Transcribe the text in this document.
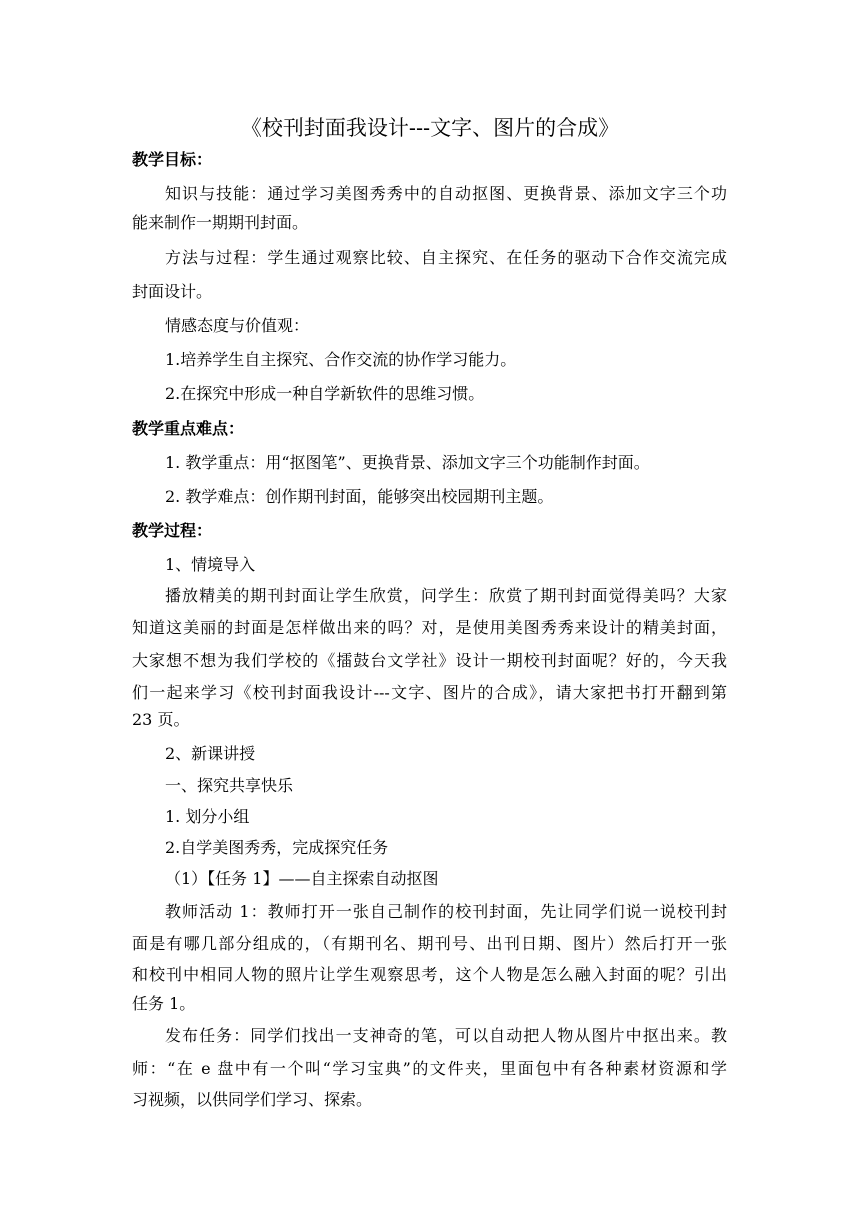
《校刊封面我设计---文字、图片的合成》
教学目标：
知识与技能：通过学习美图秀秀中的自动抠图、更换背景、添加文字三个功
能来制作一期期刊封面。
方法与过程：学生通过观察比较、自主探究、在任务的驱动下合作交流完成
封面设计。
情感态度与价值观：
1.培养学生自主探究、合作交流的协作学习能力。
2.在探究中形成一种自学新软件的思维习惯。
教学重点难点：
1. 教学重点：用“抠图笔”、更换背景、添加文字三个功能制作封面。
2. 教学难点：创作期刊封面，能够突出校园期刊主题。
教学过程：
1、情境导入
播放精美的期刊封面让学生欣赏，问学生：欣赏了期刊封面觉得美吗？大家
知道这美丽的封面是怎样做出来的吗？对，是使用美图秀秀来设计的精美封面，
大家想不想为我们学校的《擂鼓台文学社》设计一期校刊封面呢？好的，今天我
们一起来学习《校刊封面我设计---文字、图片的合成》，请大家把书打开翻到第
23 页。
2、新课讲授
一、探究共享快乐
1. 划分小组
2.自学美图秀秀，完成探究任务
（1）【任务 1】——自主探索自动抠图
教师活动 1：教师打开一张自己制作的校刊封面，先让同学们说一说校刊封
面是有哪几部分组成的，（有期刊名、期刊号、出刊日期、图片）然后打开一张
和校刊中相同人物的照片让学生观察思考，这个人物是怎么融入封面的呢？引出
任务 1。
发布任务：同学们找出一支神奇的笔，可以自动把人物从图片中抠出来。教
师：“在 e 盘中有一个叫“学习宝典”的文件夹，里面包中有各种素材资源和学
习视频，以供同学们学习、探索。
